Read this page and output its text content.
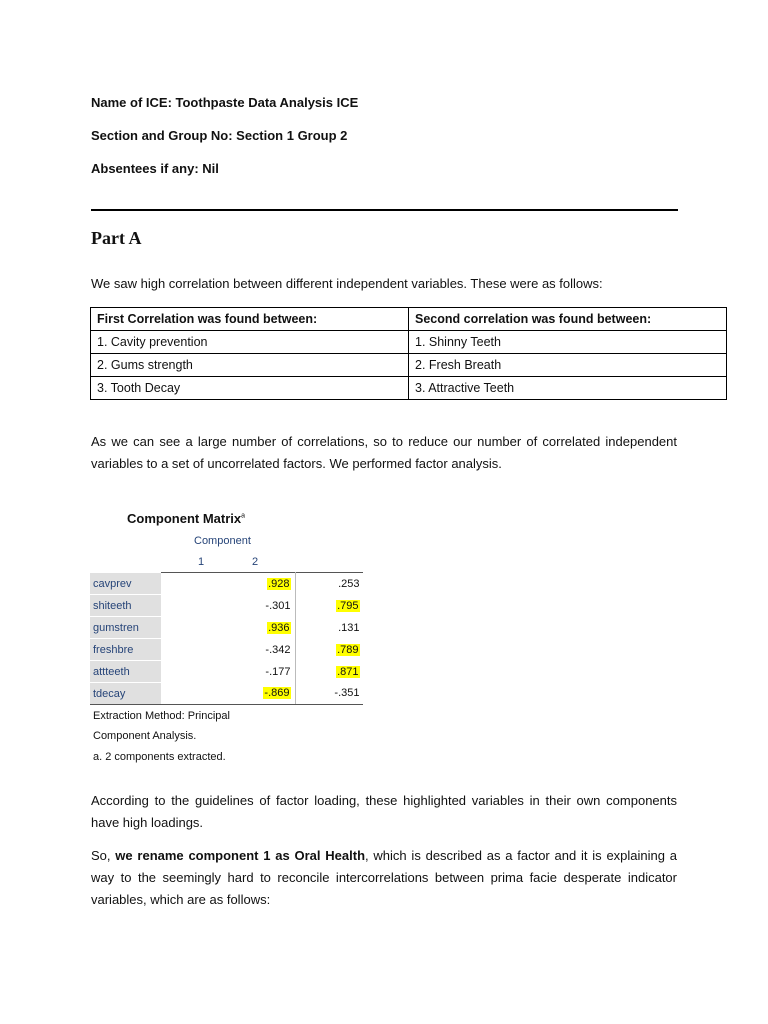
Name of ICE: Toothpaste Data Analysis ICE
Section and Group No: Section 1 Group 2
Absentees if any: Nil
Part A
We saw high correlation between different independent variables. These were as follows:
First Correlation was found between:	Second correlation was found between:
1. Cavity prevention	1. Shinny Teeth
2. Gums strength	2. Fresh Breath
3. Tooth Decay	3. Attractive Teeth
As we can see a large number of correlations, so to reduce our number of correlated independent variables to a set of uncorrelated factors. We performed factor analysis.
Component Matrix$^a$
Component
1	2
cavprev	.928	.253
shiteeth	-.301	.795
gumstren	.936	.131
freshbre	-.342	.789
attteeth	-.177	.871
tdecay	-.869	-.351
Extraction Method: Principal
Component Analysis.
a. 2 components extracted.
According to the guidelines of factor loading, these highlighted variables in their own components have high loadings.
So, we rename component 1 as Oral Health, which is described as a factor and it is explaining a way to the seemingly hard to reconcile intercorrelations between prima facie desperate indicator variables, which are as follows:
